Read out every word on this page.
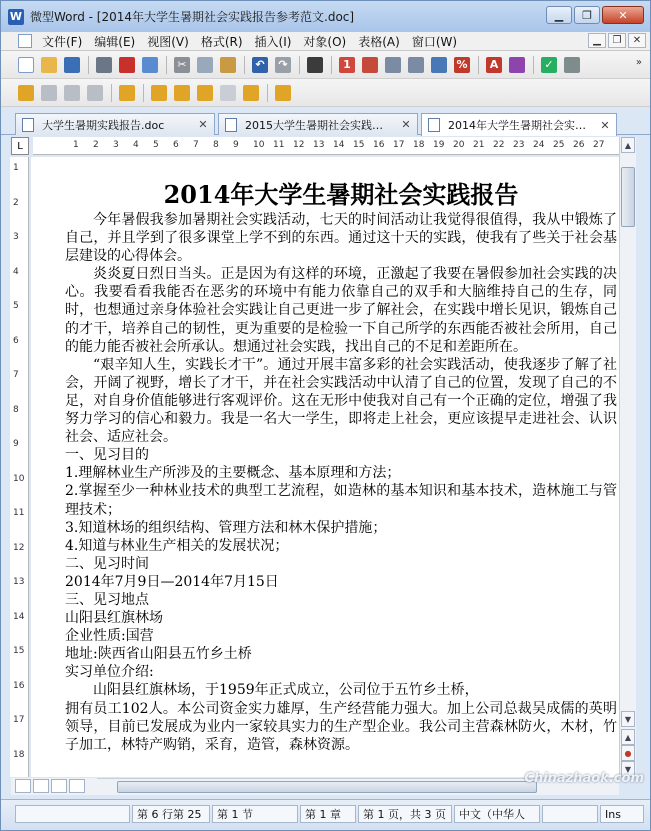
W 微型Word - [2014年大学生暑期社会实践报告参考范文.doc]	▁	❐	✕
文件(F)	编辑(E)	视图(V)	格式(R)	插入(I)	对象(O)	表格(A)	窗口(W)	▁	❐	✕
✂	↶	↷	1	%	A	✓	»
大学生暑期实践报告.doc	✕	2015大学生暑期社会实践…	✕	2014年大学生暑期社会实…	✕
L	1 2 3 4 5 6 7 8 9 10 11 12 13 14 15 16 17 18 19 20 21 22 23 24 25 26 27
1
2
3
4
5
6
7
8
9
10
11
12
13
14
15
16
17
18
2014年大学生暑期社会实践报告
今年暑假我参加暑期社会实践活动，七天的时间活动让我觉得很值得，我从中锻炼了自己，并且学到了很多课堂上学不到的东西。通过这十天的实践，使我有了些关于社会基层建设的心得体会。
炎炎夏日烈日当头。正是因为有这样的环境，正激起了我要在暑假参加社会实践的决心。我要看看我能否在恶劣的环境中有能力依靠自己的双手和大脑维持自己的生存，同时，也想通过亲身体验社会实践让自己更进一步了解社会，在实践中增长见识，锻炼自己的才干，培养自己的韧性，更为重要的是检验一下自己所学的东西能否被社会所用，自己的能力能否被社会所承认。想通过社会实践，找出自己的不足和差距所在。
“艰辛知人生，实践长才干”。通过开展丰富多彩的社会实践活动，使我逐步了解了社会，开阔了视野，增长了才干，并在社会实践活动中认清了自己的位置，发现了自己的不足，对自身价值能够进行客观评价。这在无形中使我对自己有一个正确的定位，增强了我努力学习的信心和毅力。我是一名大一学生，即将走上社会，更应该提早走进社会、认识社会、适应社会。
一、见习目的
1.理解林业生产所涉及的主要概念、基本原理和方法；
2.掌握至少一种林业技术的典型工艺流程，如造林的基本知识和基本技术，造林施工与管理技术；
3.知道林场的组织结构、管理方法和林木保护措施；
4.知道与林业生产相关的发展状况；
二、见习时间
2014年7月9日—2014年7月15日
三、见习地点
山阳县红旗林场
企业性质:国营
地址:陕西省山阳县五竹乡土桥
实习单位介绍:
山阳县红旗林场，于1959年正式成立，公司位于五竹乡土桥，
拥有员工102人。本公司资金实力雄厚，生产经营能力强大。加上公司总裁吴成儒的英明领导，目前已发展成为业内一家较具实力的生产型企业。我公司主营森林防火，木材，竹子加工，林特产购销，采育，造管，森林资源。
▲
▼
▲
●
▼
第 6 行第 25	第 1 节	第 1 章	第 1 页，共 3 页	中文（中华人	Ins
Chinazhaok.com
